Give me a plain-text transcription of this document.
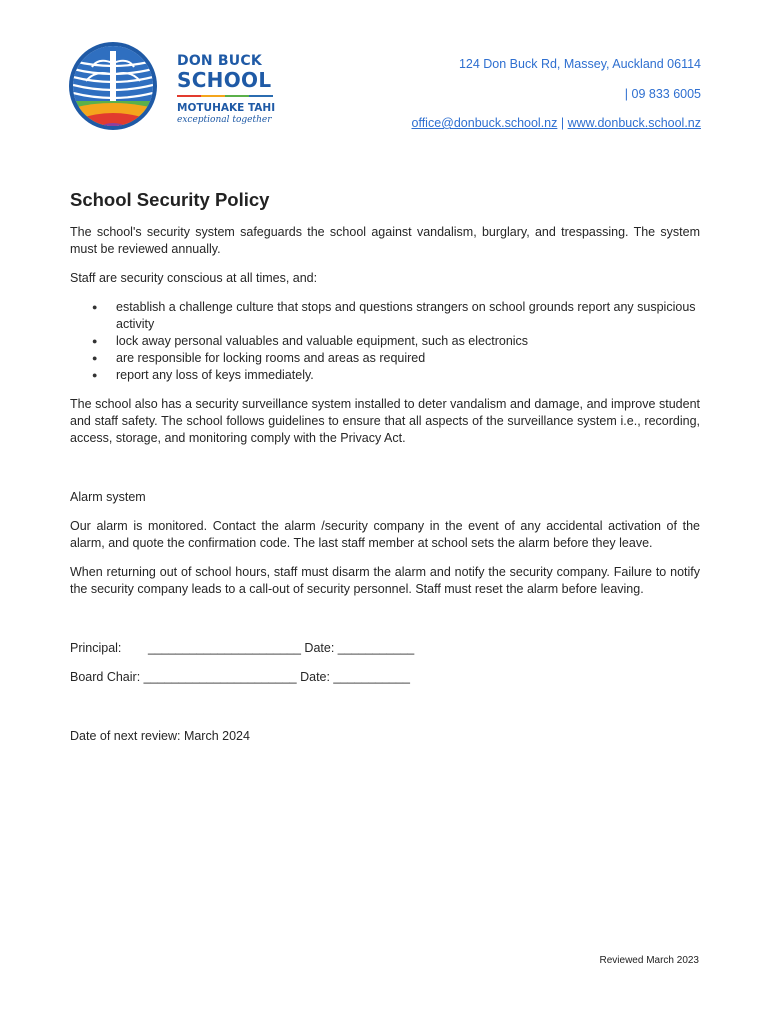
DON BUCK
SCHOOL
MOTUHAKE TAHI
exceptional together
124 Don Buck Rd, Massey, Auckland 06114
| 09 833 6005
office@donbuck.school.nz | www.donbuck.school.nz
School Security Policy

The school's security system safeguards the school against vandalism, burglary, and trespassing. The system must be reviewed annually.

Staff are security conscious at all times, and:

● establish a challenge culture that stops and questions strangers on school grounds report any suspicious activity
● lock away personal valuables and valuable equipment, such as electronics
● are responsible for locking rooms and areas as required
● report any loss of keys immediately.

The school also has a security surveillance system installed to deter vandalism and damage, and improve student and staff safety. The school follows guidelines to ensure that all aspects of the surveillance system i.e., recording, access, storage, and monitoring comply with the Privacy Act.

Alarm system

Our alarm is monitored. Contact the alarm /security company in the event of any accidental activation of the alarm, and quote the confirmation code. The last staff member at school sets the alarm before they leave.

When returning out of school hours, staff must disarm the alarm and notify the security company. Failure to notify the security company leads to a call-out of security personnel. Staff must reset the alarm before leaving.

Principal: ______________________ Date: ___________
Board Chair: ______________________ Date: ___________

Date of next review: March 2024

Reviewed March 2023
